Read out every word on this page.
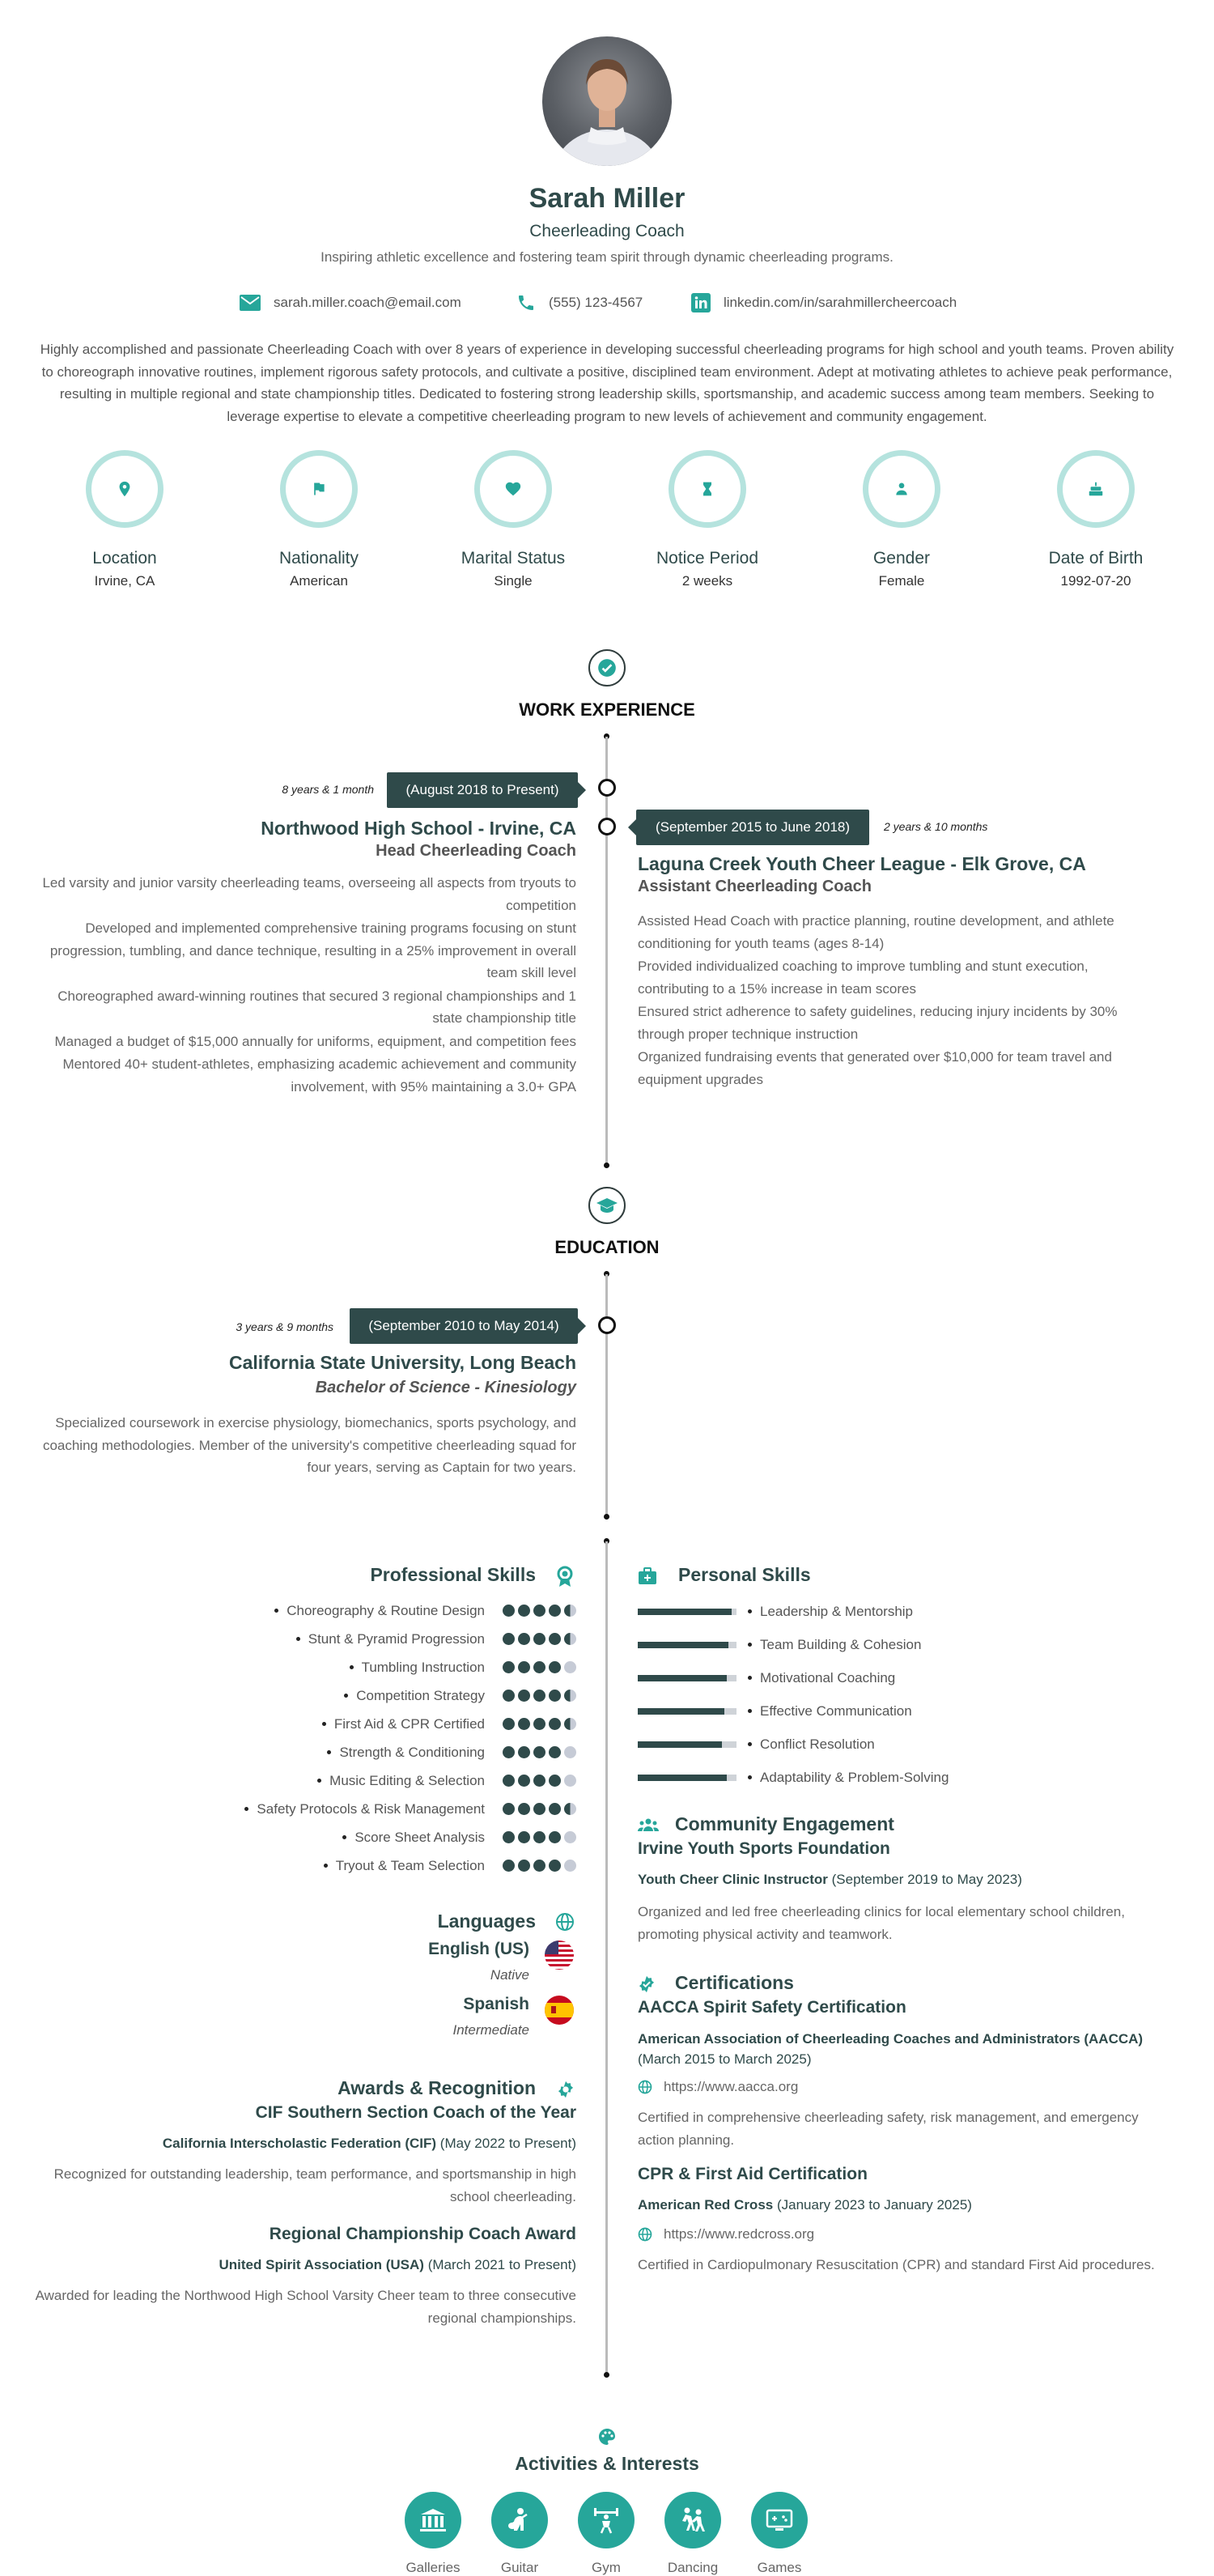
Sarah Miller
Cheerleading Coach
Inspiring athletic excellence and fostering team spirit through dynamic cheerleading programs.
sarah.miller.coach@email.com	(555) 123-4567	linkedin.com/in/sarahmillercheercoach
Highly accomplished and passionate Cheerleading Coach with over 8 years of experience in developing successful cheerleading programs for high school and youth teams. Proven ability to choreograph innovative routines, implement rigorous safety protocols, and cultivate a positive, disciplined team environment. Adept at motivating athletes to achieve peak performance, resulting in multiple regional and state championship titles. Dedicated to fostering strong leadership skills, sportsmanship, and academic success among team members. Seeking to leverage expertise to elevate a competitive cheerleading program to new levels of achievement and community engagement.
Location
Irvine, CA
Nationality
American
Marital Status
Single
Notice Period
2 weeks
Gender
Female
Date of Birth
1992-07-20
WORK EXPERIENCE
8 years & 1 month	(August 2018 to Present)
Northwood High School - Irvine, CA
Head Cheerleading Coach
Led varsity and junior varsity cheerleading teams, overseeing all aspects from tryouts to competition
Developed and implemented comprehensive training programs focusing on stunt progression, tumbling, and dance technique, resulting in a 25% improvement in overall team skill level
Choreographed award-winning routines that secured 3 regional championships and 1 state championship title
Managed a budget of $15,000 annually for uniforms, equipment, and competition fees
Mentored 40+ student-athletes, emphasizing academic achievement and community involvement, with 95% maintaining a 3.0+ GPA
(September 2015 to June 2018)	2 years & 10 months
Laguna Creek Youth Cheer League - Elk Grove, CA
Assistant Cheerleading Coach
Assisted Head Coach with practice planning, routine development, and athlete conditioning for youth teams (ages 8-14)
Provided individualized coaching to improve tumbling and stunt execution, contributing to a 15% increase in team scores
Ensured strict adherence to safety guidelines, reducing injury incidents by 30% through proper technique instruction
Organized fundraising events that generated over $10,000 for team travel and equipment upgrades
EDUCATION
3 years & 9 months	(September 2010 to May 2014)
California State University, Long Beach
Bachelor of Science - Kinesiology
Specialized coursework in exercise physiology, biomechanics, sports psychology, and coaching methodologies. Member of the university's competitive cheerleading squad for four years, serving as Captain for two years.
Professional Skills
Choreography & Routine Design
Stunt & Pyramid Progression
Tumbling Instruction
Competition Strategy
First Aid & CPR Certified
Strength & Conditioning
Music Editing & Selection
Safety Protocols & Risk Management
Score Sheet Analysis
Tryout & Team Selection
Languages
English (US)
Native
Spanish
Intermediate
Awards & Recognition
CIF Southern Section Coach of the Year
California Interscholastic Federation (CIF) (May 2022 to Present)
Recognized for outstanding leadership, team performance, and sportsmanship in high school cheerleading.
Regional Championship Coach Award
United Spirit Association (USA) (March 2021 to Present)
Awarded for leading the Northwood High School Varsity Cheer team to three consecutive regional championships.
Personal Skills
Leadership & Mentorship
Team Building & Cohesion
Motivational Coaching
Effective Communication
Conflict Resolution
Adaptability & Problem-Solving
Community Engagement
Irvine Youth Sports Foundation
Youth Cheer Clinic Instructor (September 2019 to May 2023)
Organized and led free cheerleading clinics for local elementary school children, promoting physical activity and teamwork.
Certifications
AACCA Spirit Safety Certification
American Association of Cheerleading Coaches and Administrators (AACCA)
(March 2015 to March 2025)
https://www.aacca.org
Certified in comprehensive cheerleading safety, risk management, and emergency action planning.
CPR & First Aid Certification
American Red Cross (January 2023 to January 2025)
https://www.redcross.org
Certified in Cardiopulmonary Resuscitation (CPR) and standard First Aid procedures.
Activities & Interests
Galleries	Guitar	Gym	Dancing	Games
